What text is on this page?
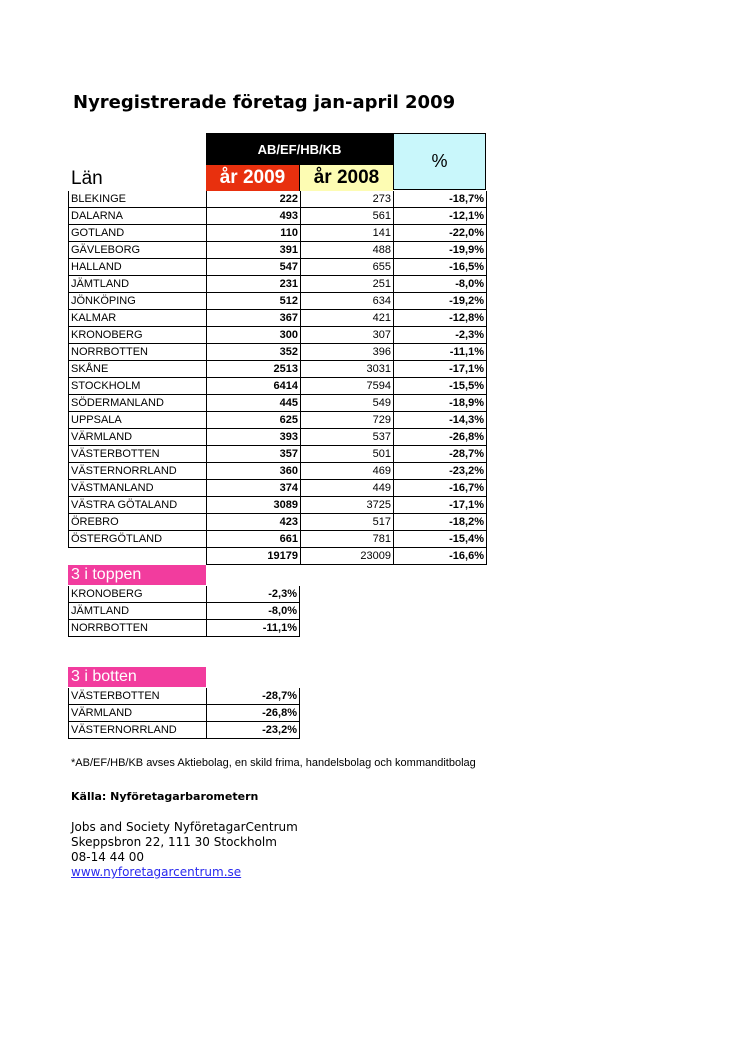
Nyregistrerade företag jan-april 2009
AB/EF/HB/KB
år 2009	år 2008
%
Län
BLEKINGE	222	273	-18,7%
DALARNA	493	561	-12,1%
GOTLAND	110	141	-22,0%
GÄVLEBORG	391	488	-19,9%
HALLAND	547	655	-16,5%
JÄMTLAND	231	251	-8,0%
JÖNKÖPING	512	634	-19,2%
KALMAR	367	421	-12,8%
KRONOBERG	300	307	-2,3%
NORRBOTTEN	352	396	-11,1%
SKÅNE	2513	3031	-17,1%
STOCKHOLM	6414	7594	-15,5%
SÖDERMANLAND	445	549	-18,9%
UPPSALA	625	729	-14,3%
VÄRMLAND	393	537	-26,8%
VÄSTERBOTTEN	357	501	-28,7%
VÄSTERNORRLAND	360	469	-23,2%
VÄSTMANLAND	374	449	-16,7%
VÄSTRA GÖTALAND	3089	3725	-17,1%
ÖREBRO	423	517	-18,2%
ÖSTERGÖTLAND	661	781	-15,4%
	19179	23009	-16,6%
3 i toppen
KRONOBERG	-2,3%
JÄMTLAND	-8,0%
NORRBOTTEN	-11,1%
3 i botten
VÄSTERBOTTEN	-28,7%
VÄRMLAND	-26,8%
VÄSTERNORRLAND	-23,2%
*AB/EF/HB/KB avses Aktiebolag, en skild frima, handelsbolag och kommanditbolag
Källa: Nyföretagarbarometern
Jobs and Society NyföretagarCentrum
Skeppsbron 22, 111 30 Stockholm
08-14 44 00
www.nyforetagarcentrum.se
